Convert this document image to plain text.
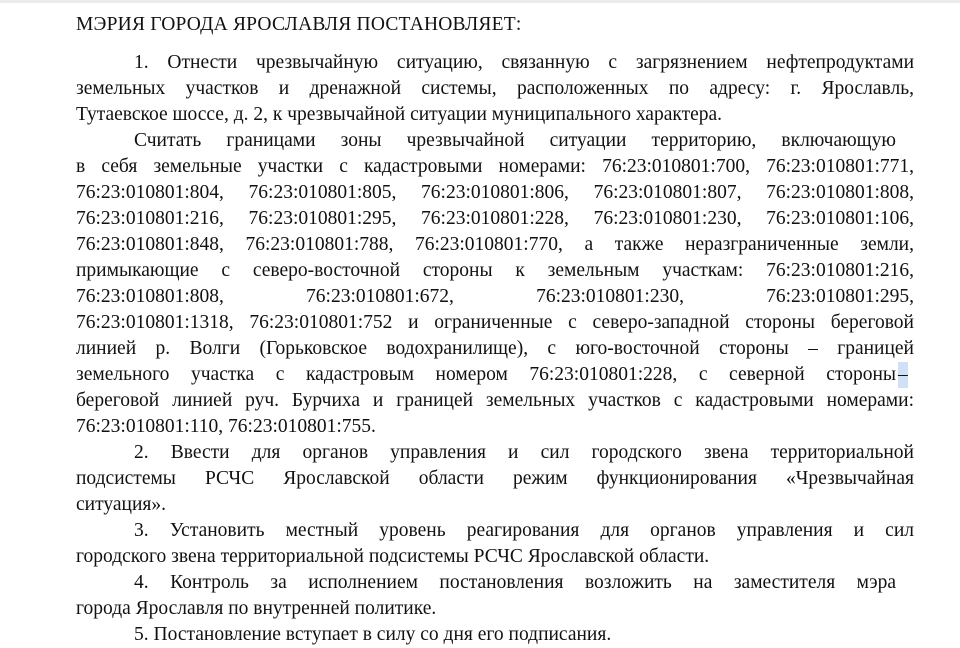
МЭРИЯ ГОРОДА ЯРОСЛАВЛЯ ПОСТАНОВЛЯЕТ:
1. Отнести чрезвычайную ситуацию, связанную с загрязнением нефтепродуктами
земельных участков и дренажной системы, расположенных по адресу: г. Ярославль,
Тутаевское шоссе, д. 2, к чрезвычайной ситуации муниципального характера.
Считать границами зоны чрезвычайной ситуации территорию, включающую
в себя земельные участки с кадастровыми номерами: 76:23:010801:700, 76:23:010801:771,
76:23:010801:804, 76:23:010801:805, 76:23:010801:806, 76:23:010801:807, 76:23:010801:808,
76:23:010801:216, 76:23:010801:295, 76:23:010801:228, 76:23:010801:230, 76:23:010801:106,
76:23:010801:848, 76:23:010801:788, 76:23:010801:770, а также неразграниченные земли,
примыкающие с северо-восточной стороны к земельным участкам: 76:23:010801:216,
76:23:010801:808, 76:23:010801:672, 76:23:010801:230, 76:23:010801:295,
76:23:010801:1318, 76:23:010801:752 и ограниченные с северо-западной стороны береговой
линией р. Волги (Горьковское водохранилище), с юго-восточной стороны – границей
земельного участка с кадастровым номером 76:23:010801:228, с северной стороны –
береговой линией руч. Бурчиха и границей земельных участков с кадастровыми номерами:
76:23:010801:110, 76:23:010801:755.
2. Ввести для органов управления и сил городского звена территориальной
подсистемы РСЧС Ярославской области режим функционирования «Чрезвычайная
ситуация».
3. Установить местный уровень реагирования для органов управления и сил
городского звена территориальной подсистемы РСЧС Ярославской области.
4. Контроль за исполнением постановления возложить на заместителя мэра
города Ярославля по внутренней политике.
5. Постановление вступает в силу со дня его подписания.
